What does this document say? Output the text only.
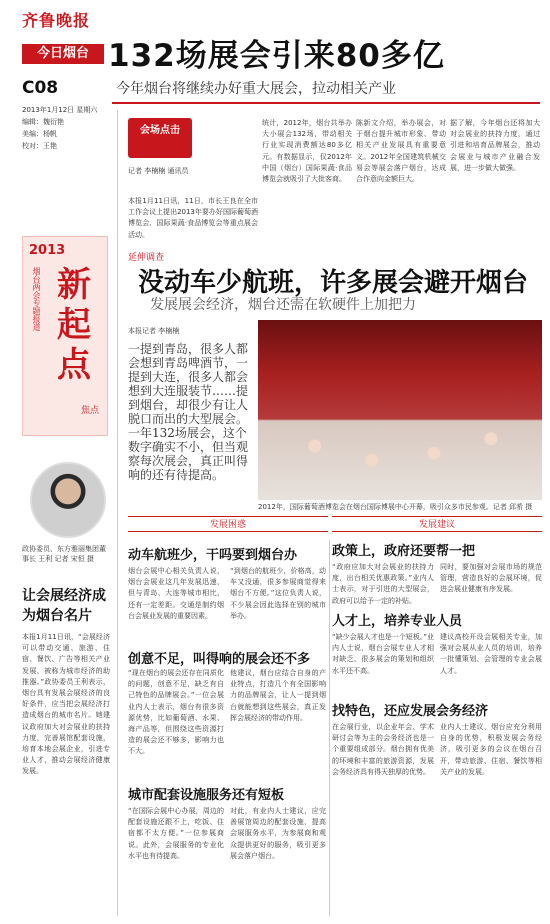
齐鲁晚报
今日烟台
C08
2013年1月12日 星期六
编辑：魏衍艳
美编：杨帆
校对：王艳
132场展会引来80多亿
今年烟台将继续办好重大展会，拉动相关产业
会场点击
记者 李楠楠 通讯员
本报1月11日讯，11日，市长王良在全市工作会议上提出2013年要办好国际葡萄酒博览会、国际果蔬·食品博览会等重点展会活动。
统计，2012年，烟台共举办大小展会132场，带动相关行业实现消费额达80多亿元。有数据显示，仅2012年中国（烟台）国际果蔬·食品博览会就吸引了大批客商。
陈新文介绍，举办展会，对于烟台提升城市形象、带动相关产业发展具有重要意义。2012年全国建筑机械交易会等展会落户烟台，达成合作意向金额巨大。
据了解，今年烟台还将加大对会展业的扶持力度，通过引进和培育品牌展会，推动会展业与城市产业融合发展，进一步做大做强。
2013
烟台两会专题报道 新起点
焦点
政协委员、东方雅丽集团董事长 王利 记者 宋恒 摄
让会展经济成为烟台名片
本报1月11日讯，“会展经济可以带动交通、旅游、住宿、餐饮、广告等相关产业发展，被称为城市经济的助推器。”政协委员王利表示，烟台具有发展会展经济的良好条件，应当把会展经济打造成烟台的城市名片。她建议政府加大对会展业的扶持力度，完善展馆配套设施，培育本地会展企业，引进专业人才，推动会展经济健康发展。
延伸调查
没动车少航班，许多展会避开烟台
发展展会经济，烟台还需在软硬件上加把力
本报记者 李楠楠
一提到青岛，很多人都会想到青岛啤酒节，一提到大连，很多人都会想到大连服装节……提到烟台，却很少有让人脱口而出的大型展会。一年132场展会，这个数字确实不小，但当观察每次展会，真正叫得响的还有待提高。
2012年，国际葡萄酒博览会在烟台国际博展中心开幕，吸引众多市民参观。记者 邱希 摄
发展困惑	发展建议
动车航班少，干吗要到烟台办
烟台会展中心相关负责人说，烟台会展业这几年发展迅速，但与青岛、大连等城市相比，还有一定差距。交通是制约烟台会展业发展的重要因素。
“到烟台的航班少，价格高，动车又没通，很多参展商觉得来烟台不方便。”这位负责人说，不少展会因此选择在别的城市举办。
创意不足，叫得响的展会还不多
“现在烟台的展会还存在同质化的问题，创意不足，缺乏有自己特色的品牌展会。”一位会展业内人士表示，烟台有很多资源优势，比如葡萄酒、水果、海产品等，但围绕这些资源打造的展会还不够多，影响力也不大。
他建议，烟台应结合自身的产业特点，打造几个有全国影响力的品牌展会，让人一提到烟台就能想到这些展会，真正发挥会展经济的带动作用。
城市配套设施服务还有短板
“在国际会展中心办展，周边的配套设施还跟不上，吃饭、住宿都不太方便。”一位参展商说。此外，会展服务的专业化水平也有待提高。
对此，有业内人士建议，应完善展馆周边的配套设施，提高会展服务水平，为参展商和观众提供更好的服务，吸引更多展会落户烟台。
政策上，政府还要帮一把
“政府应加大对会展业的扶持力度，出台相关优惠政策。”业内人士表示，对于引进的大型展会，政府可以给予一定的补贴。
同时，要加强对会展市场的规范管理，营造良好的会展环境，促进会展业健康有序发展。
人才上，培养专业人员
“缺少会展人才也是一个短板。”业内人士说，烟台会展专业人才相对缺乏，很多展会的策划和组织水平还不高。
建议高校开设会展相关专业，加强对会展从业人员的培训，培养一批懂策划、会管理的专业会展人才。
找特色，还应发展会务经济
在会展行业，以企业年会、学术研讨会等为主的会务经济也是一个重要组成部分。烟台拥有优美的环境和丰富的旅游资源，发展会务经济具有得天独厚的优势。
业内人士建议，烟台应充分利用自身的优势，积极发展会务经济，吸引更多的会议在烟台召开，带动旅游、住宿、餐饮等相关产业的发展。
